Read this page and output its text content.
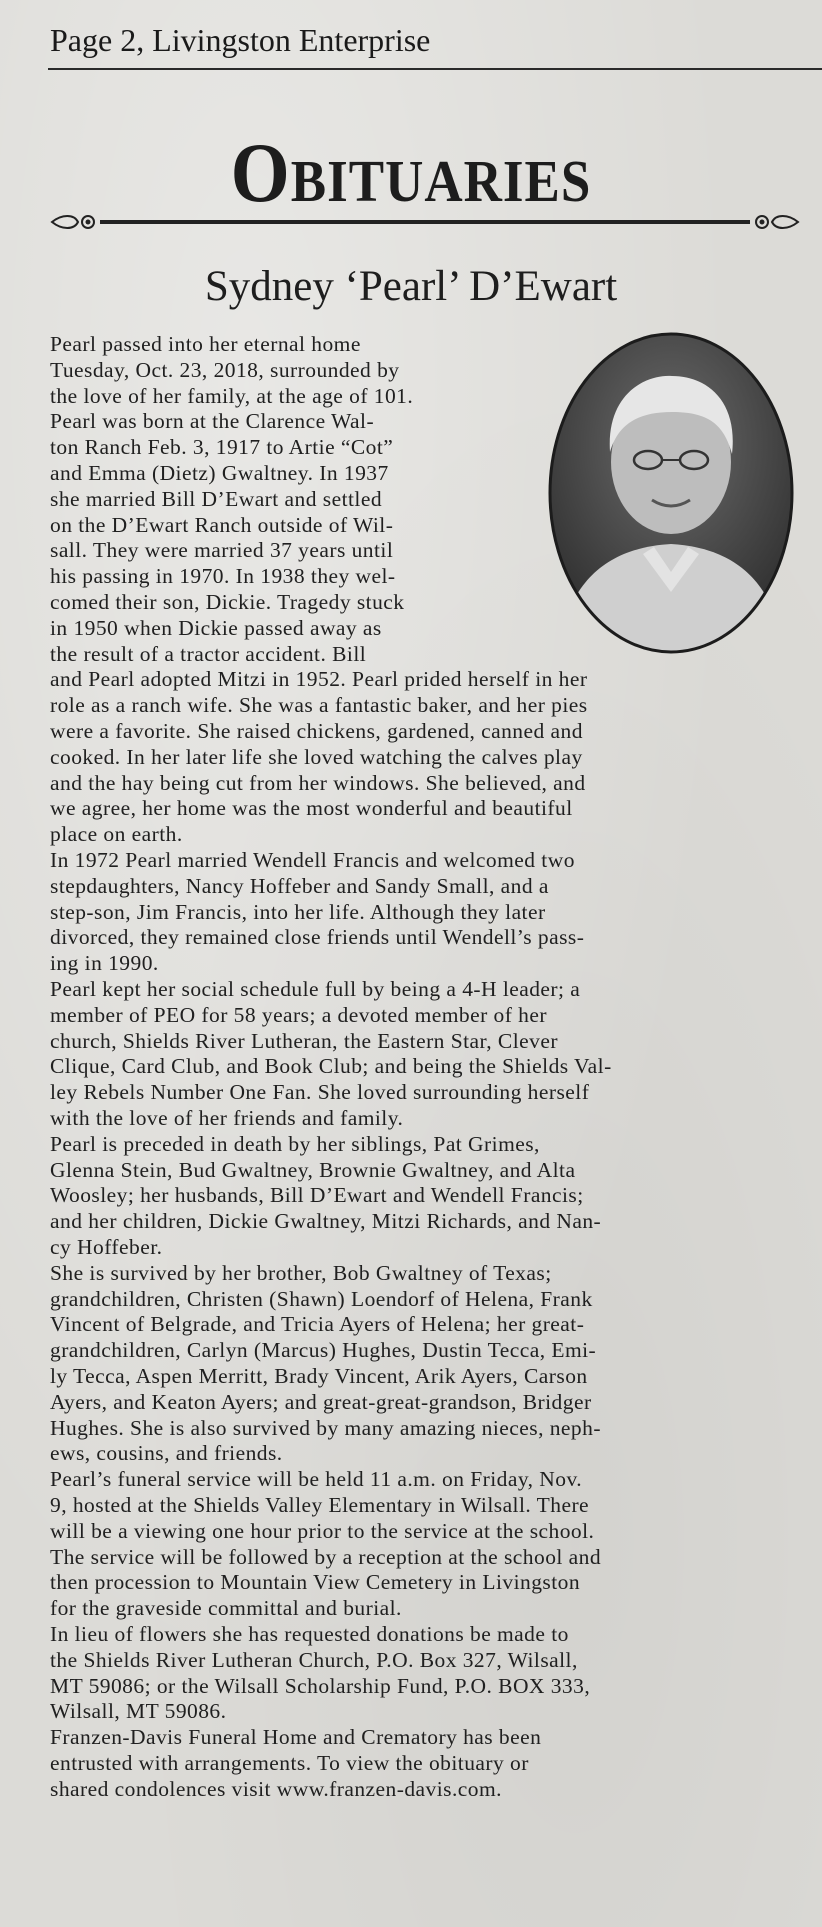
Page 2, Livingston Enterprise
Obituaries
Sydney ‘Pearl’ D’Ewart
Pearl passed into her eternal home
Tuesday, Oct. 23, 2018, surrounded by
the love of her family, at the age of 101.
Pearl was born at the Clarence Wal-
ton Ranch Feb. 3, 1917 to Artie “Cot”
and Emma (Dietz) Gwaltney. In 1937
she married Bill D’Ewart and settled
on the D’Ewart Ranch outside of Wil-
sall. They were married 37 years until
his passing in 1970. In 1938 they wel-
comed their son, Dickie. Tragedy stuck
in 1950 when Dickie passed away as
the result of a tractor accident. Bill
and Pearl adopted Mitzi in 1952. Pearl prided herself in her
role as a ranch wife. She was a fantastic baker, and her pies
were a favorite. She raised chickens, gardened, canned and
cooked. In her later life she loved watching the calves play
and the hay being cut from her windows. She believed, and
we agree, her home was the most wonderful and beautiful
place on earth.
In 1972 Pearl married Wendell Francis and welcomed two
stepdaughters, Nancy Hoffeber and Sandy Small, and a
step-son, Jim Francis, into her life. Although they later
divorced, they remained close friends until Wendell’s pass-
ing in 1990.
Pearl kept her social schedule full by being a 4-H leader; a
member of PEO for 58 years; a devoted member of her
church, Shields River Lutheran, the Eastern Star, Clever
Clique, Card Club, and Book Club; and being the Shields Val-
ley Rebels Number One Fan. She loved surrounding herself
with the love of her friends and family.
Pearl is preceded in death by her siblings, Pat Grimes,
Glenna Stein, Bud Gwaltney, Brownie Gwaltney, and Alta
Woosley; her husbands, Bill D’Ewart and Wendell Francis;
and her children, Dickie Gwaltney, Mitzi Richards, and Nan-
cy Hoffeber.
She is survived by her brother, Bob Gwaltney of Texas;
grandchildren, Christen (Shawn) Loendorf of Helena, Frank
Vincent of Belgrade, and Tricia Ayers of Helena; her great-
grandchildren, Carlyn (Marcus) Hughes, Dustin Tecca, Emi-
ly Tecca, Aspen Merritt, Brady Vincent, Arik Ayers, Carson
Ayers, and Keaton Ayers; and great-great-grandson, Bridger
Hughes. She is also survived by many amazing nieces, neph-
ews, cousins, and friends.
Pearl’s funeral service will be held 11 a.m. on Friday, Nov.
9, hosted at the Shields Valley Elementary in Wilsall. There
will be a viewing one hour prior to the service at the school.
The service will be followed by a reception at the school and
then procession to Mountain View Cemetery in Livingston
for the graveside committal and burial.
In lieu of flowers she has requested donations be made to
the Shields River Lutheran Church, P.O. Box 327, Wilsall,
MT 59086; or the Wilsall Scholarship Fund, P.O. BOX 333,
Wilsall, MT 59086.
Franzen-Davis Funeral Home and Crematory has been
entrusted with arrangements. To view the obituary or
shared condolences visit www.franzen-davis.com.
